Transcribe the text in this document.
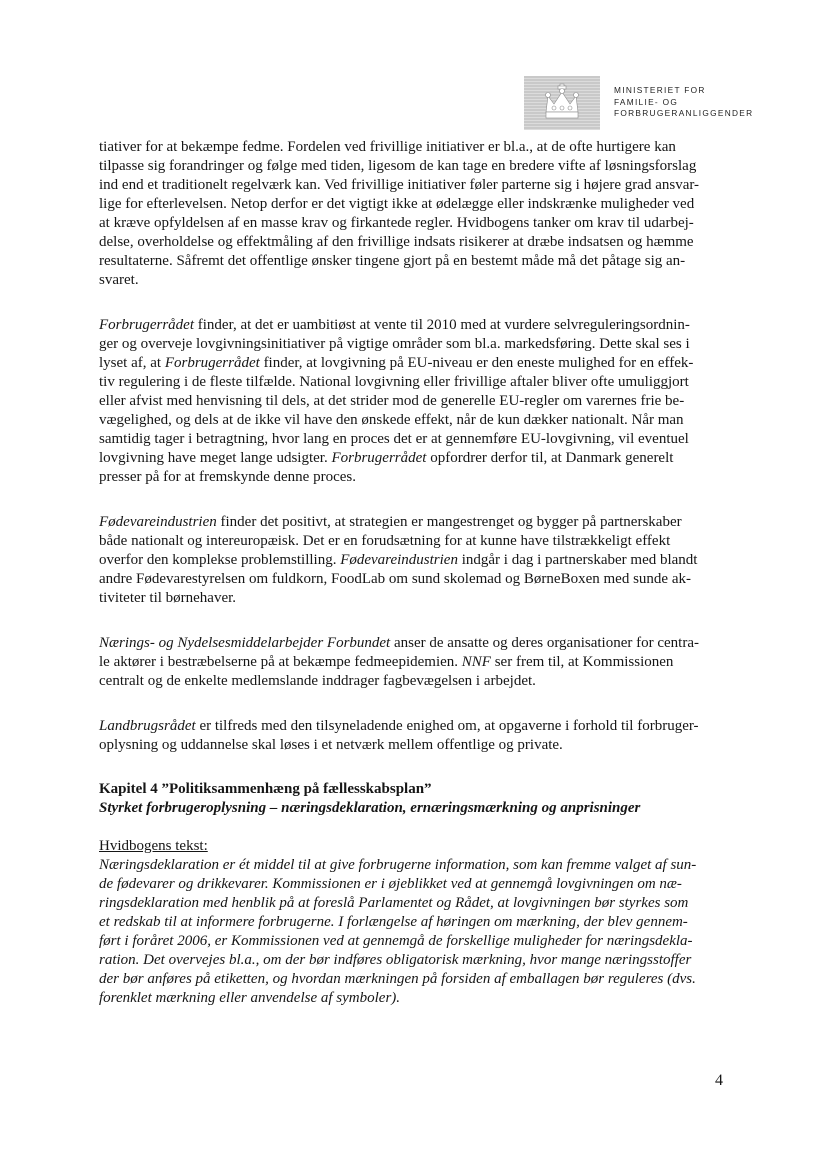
MINISTERIET FOR
FAMILIE- OG
FORBRUGERANLIGGENDER

tiativer for at bekæmpe fedme. Fordelen ved frivillige initiativer er bl.a., at de ofte hurtigere kan
tilpasse sig forandringer og følge med tiden, ligesom de kan tage en bredere vifte af løsningsforslag
ind end et traditionelt regelværk kan. Ved frivillige initiativer føler parterne sig i højere grad ansvar-
lige for efterlevelsen. Netop derfor er det vigtigt ikke at ødelægge eller indskrænke muligheder ved
at kræve opfyldelsen af en masse krav og firkantede regler. Hvidbogens tanker om krav til udarbej-
delse, overholdelse og effektmåling af den frivillige indsats risikerer at dræbe indsatsen og hæmme
resultaterne. Såfremt det offentlige ønsker tingene gjort på en bestemt måde må det påtage sig an-
svaret.

Forbrugerrådet finder, at det er uambitiøst at vente til 2010 med at vurdere selvreguleringsordnin-
ger og overveje lovgivningsinitiativer på vigtige områder som bl.a. markedsføring. Dette skal ses i
lyset af, at Forbrugerrådet finder, at lovgivning på EU-niveau er den eneste mulighed for en effek-
tiv regulering i de fleste tilfælde. National lovgivning eller frivillige aftaler bliver ofte umuliggjort
eller afvist med henvisning til dels, at det strider mod de generelle EU-regler om varernes frie be-
vægelighed, og dels at de ikke vil have den ønskede effekt, når de kun dækker nationalt. Når man
samtidig tager i betragtning, hvor lang en proces det er at gennemføre EU-lovgivning, vil eventuel
lovgivning have meget lange udsigter. Forbrugerrådet opfordrer derfor til, at Danmark generelt
presser på for at fremskynde denne proces.

Fødevareindustrien finder det positivt, at strategien er mangestrenget og bygger på partnerskaber
både nationalt og intereuropæisk. Det er en forudsætning for at kunne have tilstrækkeligt effekt
overfor den komplekse problemstilling. Fødevareindustrien indgår i dag i partnerskaber med blandt
andre Fødevarestyrelsen om fuldkorn, FoodLab om sund skolemad og BørneBoxen med sunde ak-
tiviteter til børnehaver.

Nærings- og Nydelsesmiddelarbejder Forbundet anser de ansatte og deres organisationer for centra-
le aktører i bestræbelserne på at bekæmpe fedmeepidemien. NNF ser frem til, at Kommissionen
centralt og de enkelte medlemslande inddrager fagbevægelsen i arbejdet.

Landbrugsrådet er tilfreds med den tilsyneladende enighed om, at opgaverne i forhold til forbruger-
oplysning og uddannelse skal løses i et netværk mellem offentlige og private.

Kapitel 4 ”Politiksammenhæng på fællesskabsplan”
Styrket forbrugeroplysning – næringsdeklaration, ernæringsmærkning og anprisninger
Hvidbogens tekst:

Næringsdeklaration er ét middel til at give forbrugerne information, som kan fremme valget af sun-
de fødevarer og drikkevarer. Kommissionen er i øjeblikket ved at gennemgå lovgivningen om næ-
ringsdeklaration med henblik på at foreslå Parlamentet og Rådet, at lovgivningen bør styrkes som
et redskab til at informere forbrugerne. I forlængelse af høringen om mærkning, der blev gennem-
ført i foråret 2006, er Kommissionen ved at gennemgå de forskellige muligheder for næringsdekla-
ration. Det overvejes bl.a., om der bør indføres obligatorisk mærkning, hvor mange næringsstoffer
der bør anføres på etiketten, og hvordan mærkningen på forsiden af emballagen bør reguleres (dvs.
forenklet mærkning eller anvendelse af symboler).

4
